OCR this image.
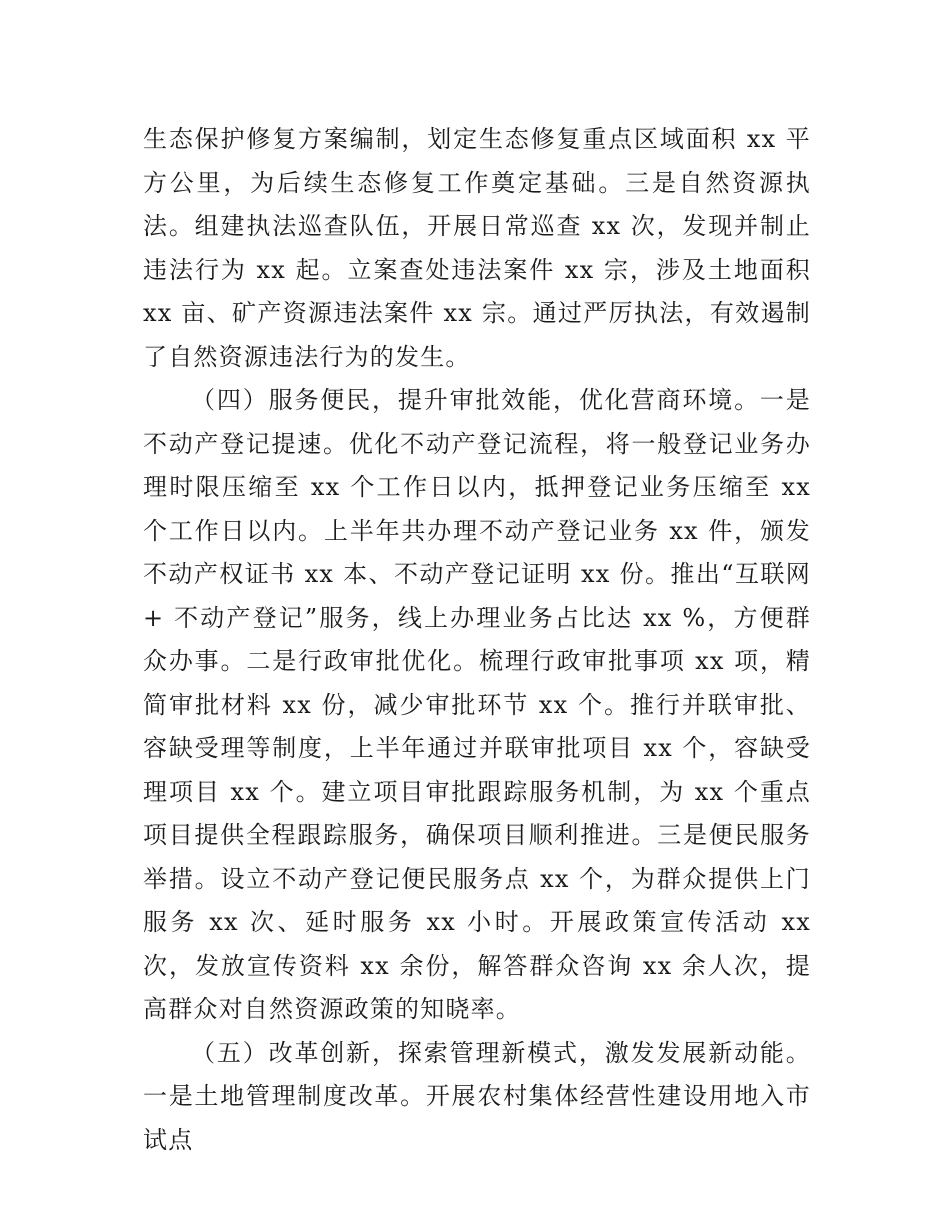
生态保护修复方案编制，划定生态修复重点区域面积 xx 平方公里，为后续生态修复工作奠定基础。三是自然资源执法。组建执法巡查队伍，开展日常巡查 xx 次，发现并制止违法行为 xx 起。立案查处违法案件 xx 宗，涉及土地面积 xx 亩、矿产资源违法案件 xx 宗。通过严厉执法，有效遏制了自然资源违法行为的发生。

（四）服务便民，提升审批效能，优化营商环境。一是不动产登记提速。优化不动产登记流程，将一般登记业务办理时限压缩至 xx 个工作日以内，抵押登记业务压缩至 xx 个工作日以内。上半年共办理不动产登记业务 xx 件，颁发不动产权证书 xx 本、不动产登记证明 xx 份。推出“互联网 + 不动产登记”服务，线上办理业务占比达 xx %，方便群众办事。二是行政审批优化。梳理行政审批事项 xx 项，精简审批材料 xx 份，减少审批环节 xx 个。推行并联审批、容缺受理等制度，上半年通过并联审批项目 xx 个，容缺受理项目 xx 个。建立项目审批跟踪服务机制，为 xx 个重点项目提供全程跟踪服务，确保项目顺利推进。三是便民服务举措。设立不动产登记便民服务点 xx 个，为群众提供上门服务 xx 次、延时服务 xx 小时。开展政策宣传活动 xx 次，发放宣传资料 xx 余份，解答群众咨询 xx 余人次，提高群众对自然资源政策的知晓率。

（五）改革创新，探索管理新模式，激发发展新动能。一是土地管理制度改革。开展农村集体经营性建设用地入市试点
